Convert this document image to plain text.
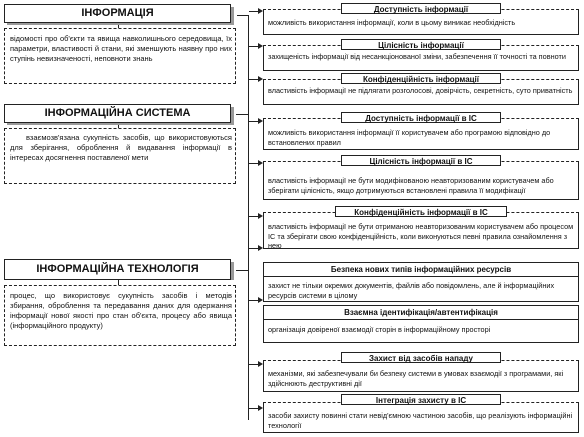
ІНФОРМАЦІЯ
відомості про об'єкти та явища навколишнього середовища, їх параметри, властивості й стани, які зменшують наявну про них ступінь невизначеності, неповноти знань
ІНФОРМАЦІЙНА СИСТЕМА
взаємозв'язана сукупність засобів, що використовуються для зберігання, оброблення й видавання інформації в інтересах досягнення поставленої мети
ІНФОРМАЦІЙНА ТЕХНОЛОГІЯ
процес, що використовує сукупність засобів і методів збирання, оброблення та передавання даних для одержання інформації нової якості про стан об'єкта, процесу або явища (інформаційного продукту)
можливість використання інформації, коли в цьому виникає необхідність
Доступність інформації
захищеність інформації від несанкціонованої зміни, забезпечення її точності та повноти
Цілісність інформації
властивість інформації не підлягати розголосові, довірчість, секретність, суто приватність
Конфіденційність інформації
можливість використання інформації її користувачем або програмою відповідно до встановлених правил
Доступність інформації в ІС
властивість інформації не бути модифікованою неавторизованим користувачем або зберігати цілісність, якщо дотримуються встановлені правила її модифікації
Цілісність інформації в ІС
властивість інформації не бути отриманою неавторизованим користувачем або процесом ІС та зберігати свою конфіденційність, коли виконуються певні правила ознайомлення з нею
Конфіденційність інформації в ІС
захист не тільки окремих документів, файлів або повідомлень, але й інформаційних ресурсів системи в цілому
Безпека нових типів інформаційних ресурсів
організація довіреної взаємодії сторін в інформаційному просторі
Взаємна ідентифікація/автентифікація
механізми, які забезпечували би безпеку системи в умовах взаємодії з програмами, які здійснюють деструктивні дії
Захист від засобів нападу
засоби захисту повинні стати невід'ємною частиною засобів, що реалізують інформаційні технології
Інтеграція захисту в ІС
